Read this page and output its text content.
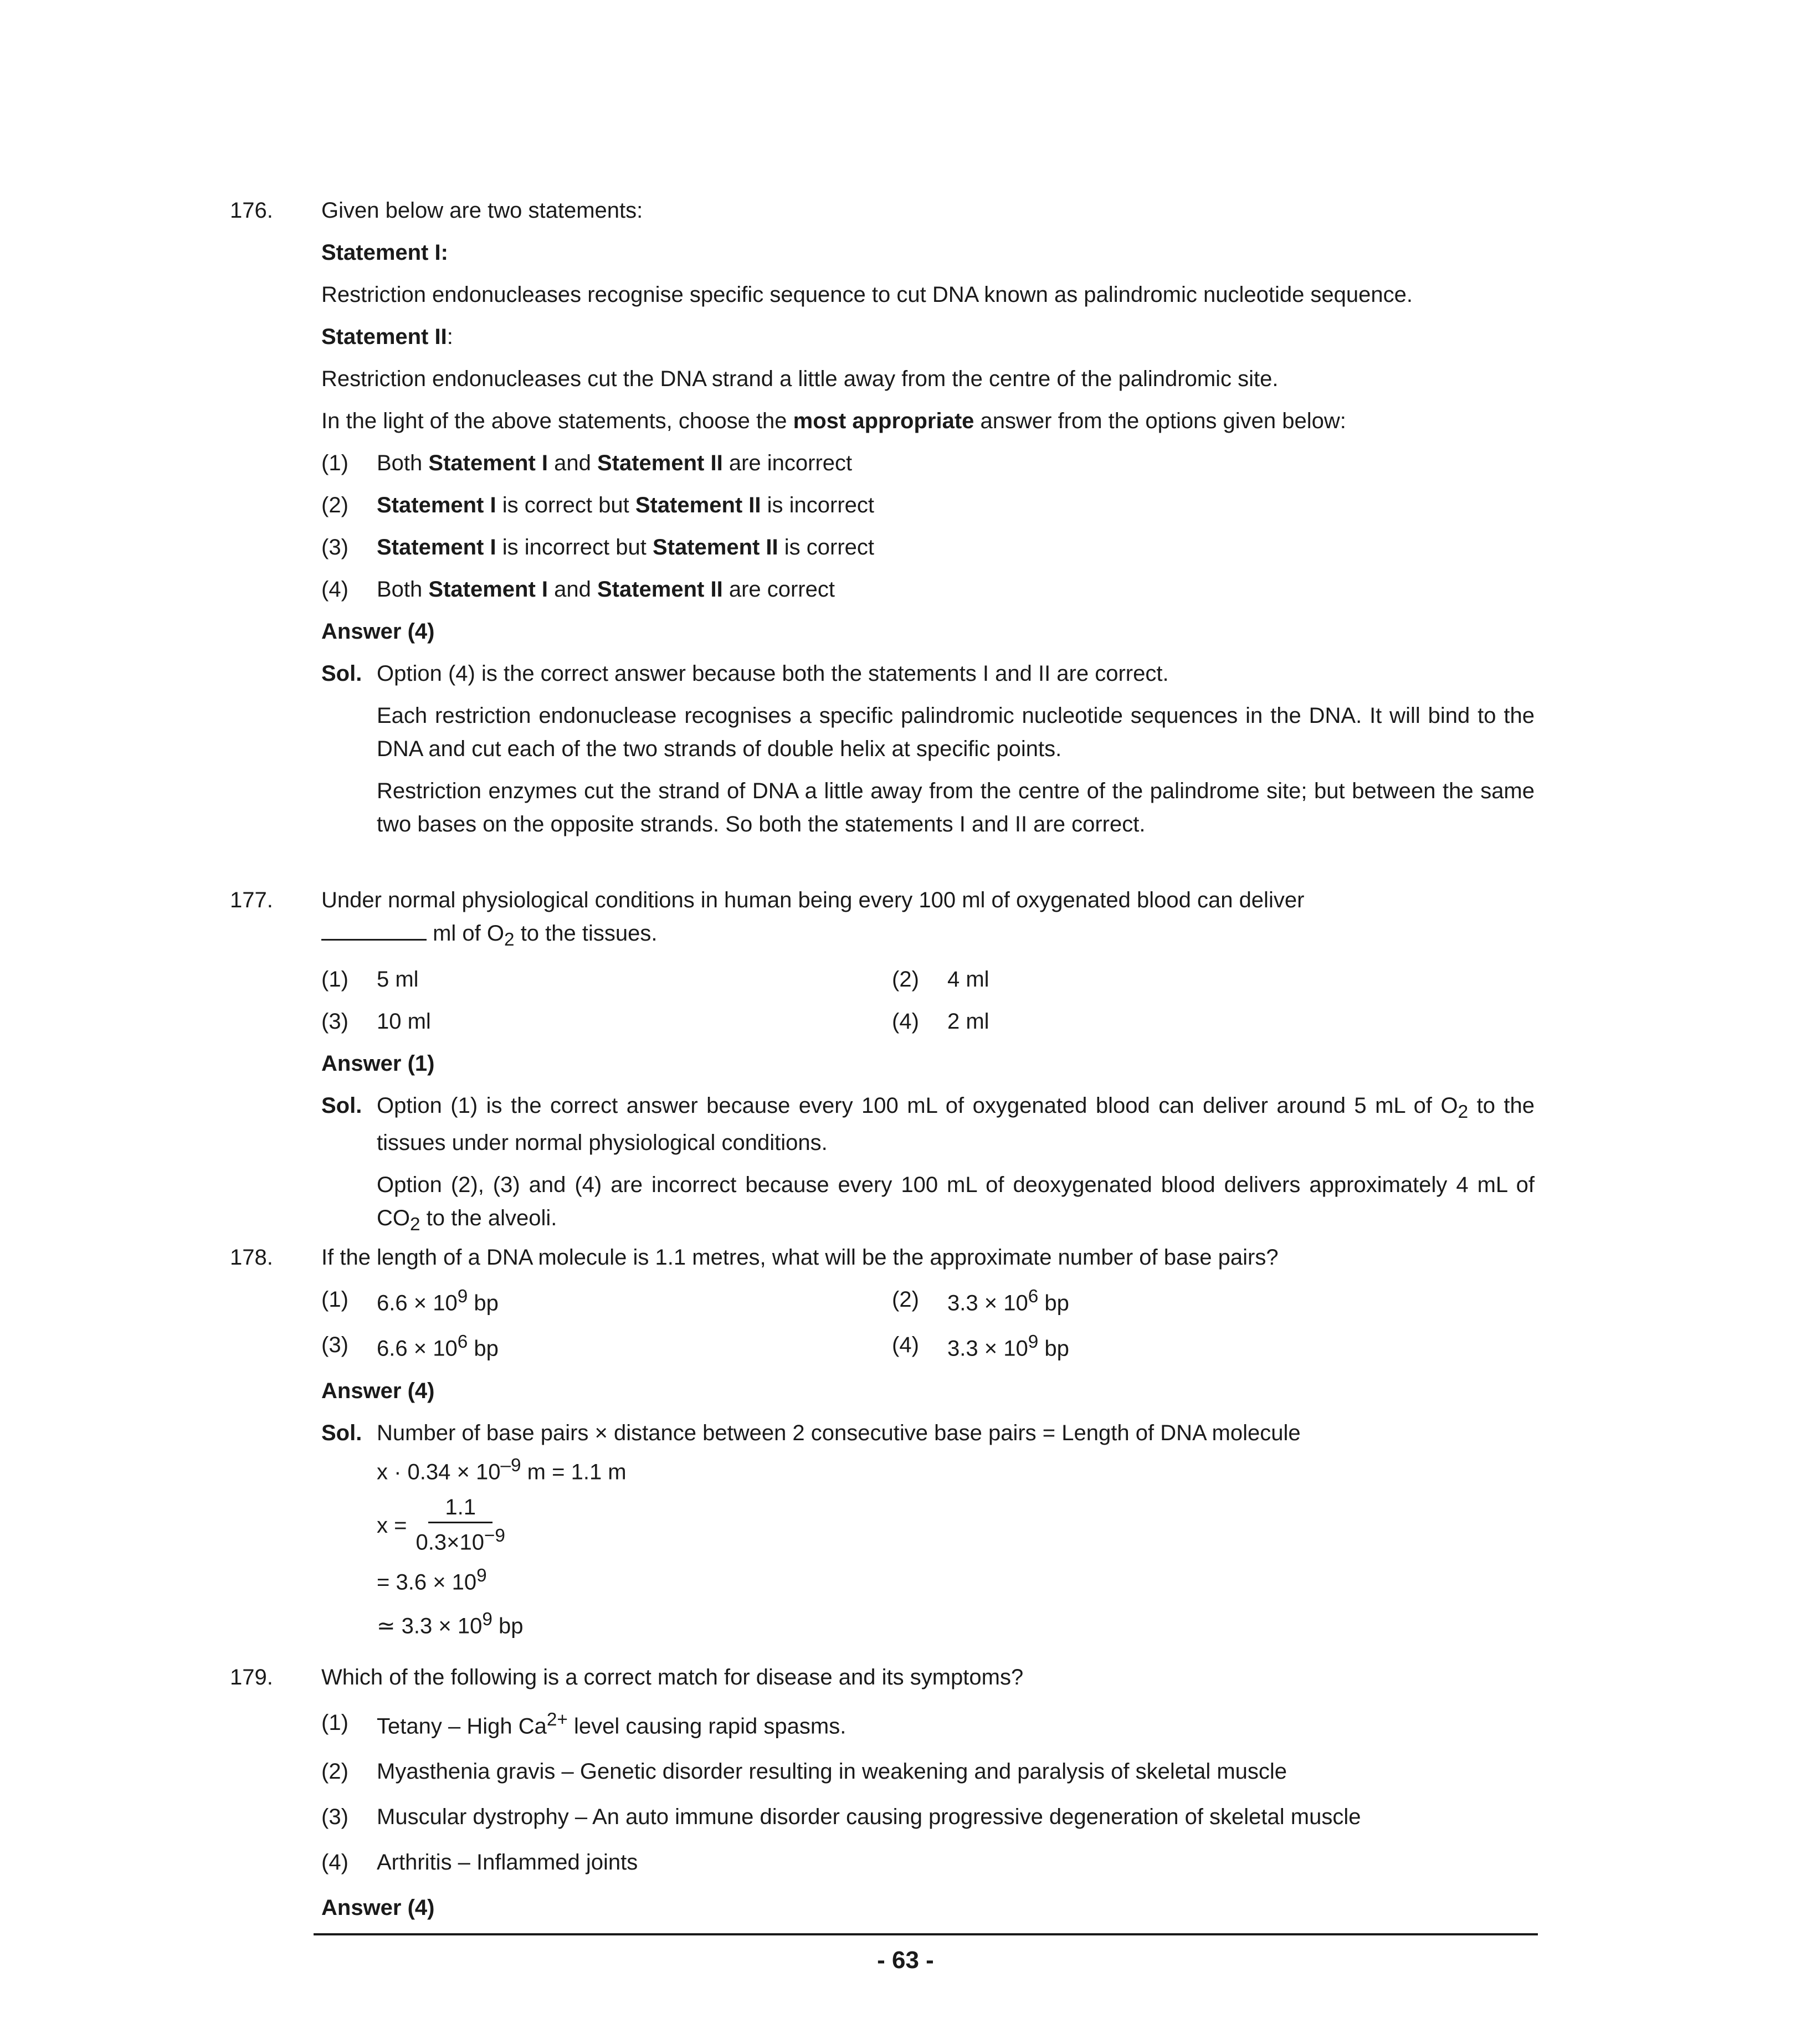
176. Given below are two statements:
Statement I:
Restriction endonucleases recognise specific sequence to cut DNA known as palindromic nucleotide sequence.
Statement II:
Restriction endonucleases cut the DNA strand a little away from the centre of the palindromic site.
In the light of the above statements, choose the most appropriate answer from the options given below:
(1)	Both Statement I and Statement II are incorrect
(2)	Statement I is correct but Statement II is incorrect
(3)	Statement I is incorrect but Statement II is correct
(4)	Both Statement I and Statement II are correct
Answer (4)
Sol. Option (4) is the correct answer because both the statements I and II are correct.

Each restriction endonuclease recognises a specific palindromic nucleotide sequences in the DNA. It will bind to the DNA and cut each of the two strands of double helix at specific points.

Restriction enzymes cut the strand of DNA a little away from the centre of the palindrome site; but between the same two bases on the opposite strands. So both the statements I and II are correct.

177. Under normal physiological conditions in human being every 100 ml of oxygenated blood can deliver
ml of $O_2$ to the tissues.
(1)	5 ml	(2)	4 ml
(3)	10 ml	(4)	2 ml
Answer (1)
Sol. Option (1) is the correct answer because every 100 mL of oxygenated blood can deliver around 5 mL of $O_2$ to the tissues under normal physiological conditions.

Option (2), (3) and (4) are incorrect because every 100 mL of deoxygenated blood delivers approximately 4 mL of $CO_2$ to the alveoli.

178. If the length of a DNA molecule is 1.1 metres, what will be the approximate number of base pairs?
(1)	$6.6 \times 10^9$ bp	(2)	$3.3 \times 10^6$ bp
(3)	$6.6 \times 10^6$ bp	(4)	$3.3 \times 10^9$ bp
Answer (4)
Sol. Number of base pairs × distance between 2 consecutive base pairs = Length of DNA molecule
$x \cdot 0.34 \times 10^{-9}$ m = 1.1 m
$x = \frac{1.1}{0.3\times 10^{-9}}$
= $3.6 \times 10^9$
≃ $3.3 \times 10^9$ bp
179. Which of the following is a correct match for disease and its symptoms?
(1)	Tetany – High $Ca^{2+}$ level causing rapid spasms.
(2)	Myasthenia gravis – Genetic disorder resulting in weakening and paralysis of skeletal muscle
(3)	Muscular dystrophy – An auto immune disorder causing progressive degeneration of skeletal muscle
(4)	Arthritis – Inflammed joints
Answer (4)
- 63 -
